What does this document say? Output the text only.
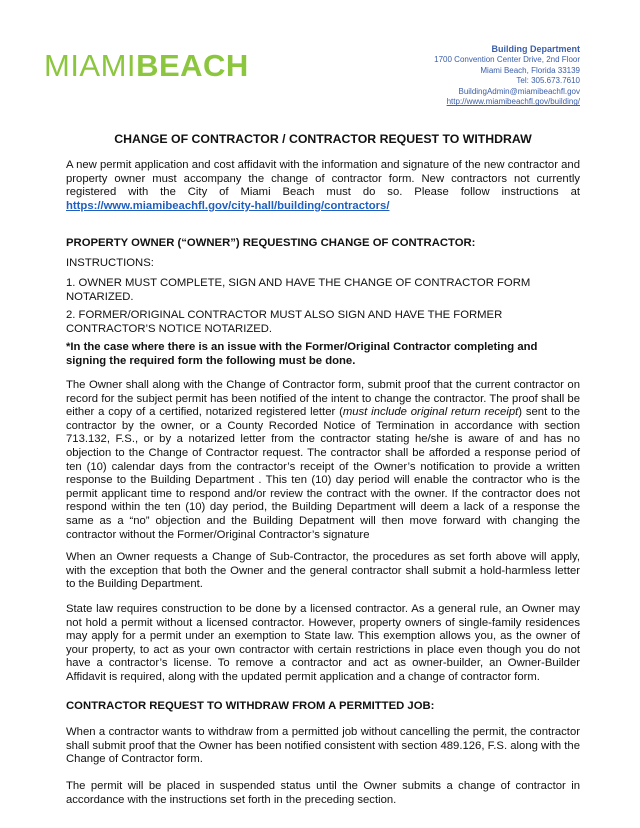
MIAMIBEACH	Building Department
1700 Convention Center Drive, 2nd Floor
Miami Beach, Florida 33139
Tel: 305.673.7610
BuildingAdmin@miamibeachfl.gov
http://www.miamibeachfl.gov/building/
CHANGE OF CONTRACTOR / CONTRACTOR REQUEST TO WITHDRAW

A new permit application and cost affidavit with the information and signature of the new contractor and property owner must accompany the change of contractor form. New contractors not currently registered with the City of Miami Beach must do so. Please follow instructions at https://www.miamibeachfl.gov/city-hall/building/contractors/

PROPERTY OWNER (“OWNER”) REQUESTING CHANGE OF CONTRACTOR:

INSTRUCTIONS:

1. OWNER MUST COMPLETE, SIGN AND HAVE THE CHANGE OF CONTRACTOR FORM NOTARIZED.

2. FORMER/ORIGINAL CONTRACTOR MUST ALSO SIGN AND HAVE THE FORMER CONTRACTOR’S NOTICE NOTARIZED.

*In the case where there is an issue with the Former/Original Contractor completing and signing the required form the following must be done.

The Owner shall along with the Change of Contractor form, submit proof that the current contractor on record for the subject permit has been notified of the intent to change the contractor. The proof shall be either a copy of a certified, notarized registered letter (must include original return receipt) sent to the contractor by the owner, or a County Recorded Notice of Termination in accordance with section 713.132, F.S., or by a notarized letter from the contractor stating he/she is aware of and has no objection to the Change of Contractor request. The contractor shall be afforded a response period of ten (10) calendar days from the contractor’s receipt of the Owner’s notification to provide a written response to the Building Department . This ten (10) day period will enable the contractor who is the permit applicant time to respond and/or review the contract with the owner. If the contractor does not respond within the ten (10) day period, the Building Department will deem a lack of a response the same as a “no” objection and the Building Depatment will then move forward with changing the contractor without the Former/Original Contractor’s signature

When an Owner requests a Change of Sub-Contractor, the procedures as set forth above will apply, with the exception that both the Owner and the general contractor shall submit a hold-harmless letter to the Building Department.

State law requires construction to be done by a licensed contractor. As a general rule, an Owner may not hold a permit without a licensed contractor. However, property owners of single-family residences may apply for a permit under an exemption to State law. This exemption allows you, as the owner of your property, to act as your own contractor with certain restrictions in place even though you do not have a contractor’s license. To remove a contractor and act as owner-builder, an Owner-Builder Affidavit is required, along with the updated permit application and a change of contractor form.

CONTRACTOR REQUEST TO WITHDRAW FROM A PERMITTED JOB:

When a contractor wants to withdraw from a permitted job without cancelling the permit, the contractor shall submit proof that the Owner has been notified consistent with section 489.126, F.S. along with the Change of Contractor form.

The permit will be placed in suspended status until the Owner submits a change of contractor in accordance with the instructions set forth in the preceding section.
